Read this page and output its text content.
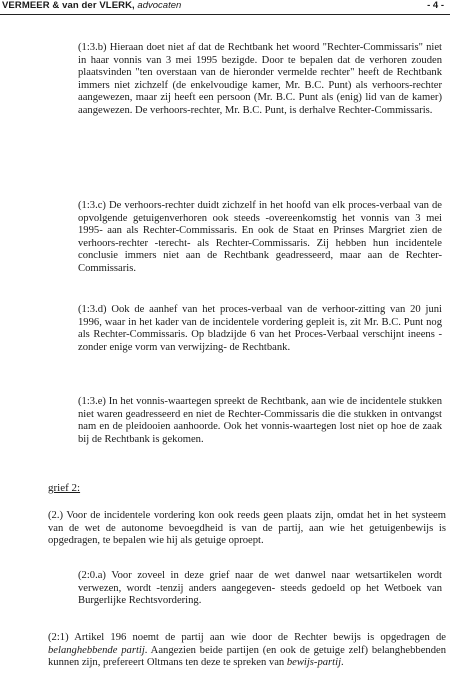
VERMEER & van der VLERK, advocaten	- 4 -

(1:3.b) Hieraan doet niet af dat de Rechtbank het woord "Rechter-Commissaris" niet in haar vonnis van 3 mei 1995 bezigde. Door te bepalen dat de verhoren zouden plaatsvinden "ten overstaan van de hieronder vermelde rechter" heeft de Rechtbank immers niet zichzelf (de enkelvoudige kamer, Mr. B.C. Punt) als verhoors-rechter aangewezen, maar zij heeft een persoon (Mr. B.C. Punt als (enig) lid van de kamer) aangewezen. De verhoors-rechter, Mr. B.C. Punt, is derhalve Rechter-Commissaris.

(1:3.c) De verhoors-rechter duidt zichzelf in het hoofd van elk proces-verbaal van de opvolgende getuigenverhoren ook steeds -overeenkomstig het vonnis van 3 mei 1995- aan als Rechter-Commissaris. En ook de Staat en Prinses Margriet zien de verhoors-rechter -terecht- als Rechter-Commissaris. Zij hebben hun incidentele conclusie immers niet aan de Rechtbank geadresseerd, maar aan de Rechter-Commissaris.

(1:3.d) Ook de aanhef van het proces-verbaal van de verhoor-zitting van 20 juni 1996, waar in het kader van de incidentele vordering gepleit is, zit Mr. B.C. Punt nog als Rechter-Commissaris. Op bladzijde 6 van het Proces-Verbaal verschijnt ineens -zonder enige vorm van verwijzing- de Rechtbank.

(1:3.e) In het vonnis-waartegen spreekt de Rechtbank, aan wie de incidentele stukken niet waren geadresseerd en niet de Rechter-Commissaris die die stukken in ontvangst nam en de pleidooien aanhoorde. Ook het vonnis-waartegen lost niet op hoe de zaak bij de Rechtbank is gekomen.

grief 2:

(2.) Voor de incidentele vordering kon ook reeds geen plaats zijn, omdat het in het systeem van de wet de autonome bevoegdheid is van de partij, aan wie het getuigenbewijs is opgedragen, te bepalen wie hij als getuige oproept.

(2:0.a) Voor zoveel in deze grief naar de wet danwel naar wetsartikelen wordt verwezen, wordt -tenzij anders aangegeven- steeds gedoeld op het Wetboek van Burgerlijke Rechtsvordering.

(2:1) Artikel 196 noemt de partij aan wie door de Rechter bewijs is opgedragen de belanghebbende partij. Aangezien beide partijen (en ook de getuige zelf) belanghebbenden kunnen zijn, prefereert Oltmans ten deze te spreken van bewijs-partij.
